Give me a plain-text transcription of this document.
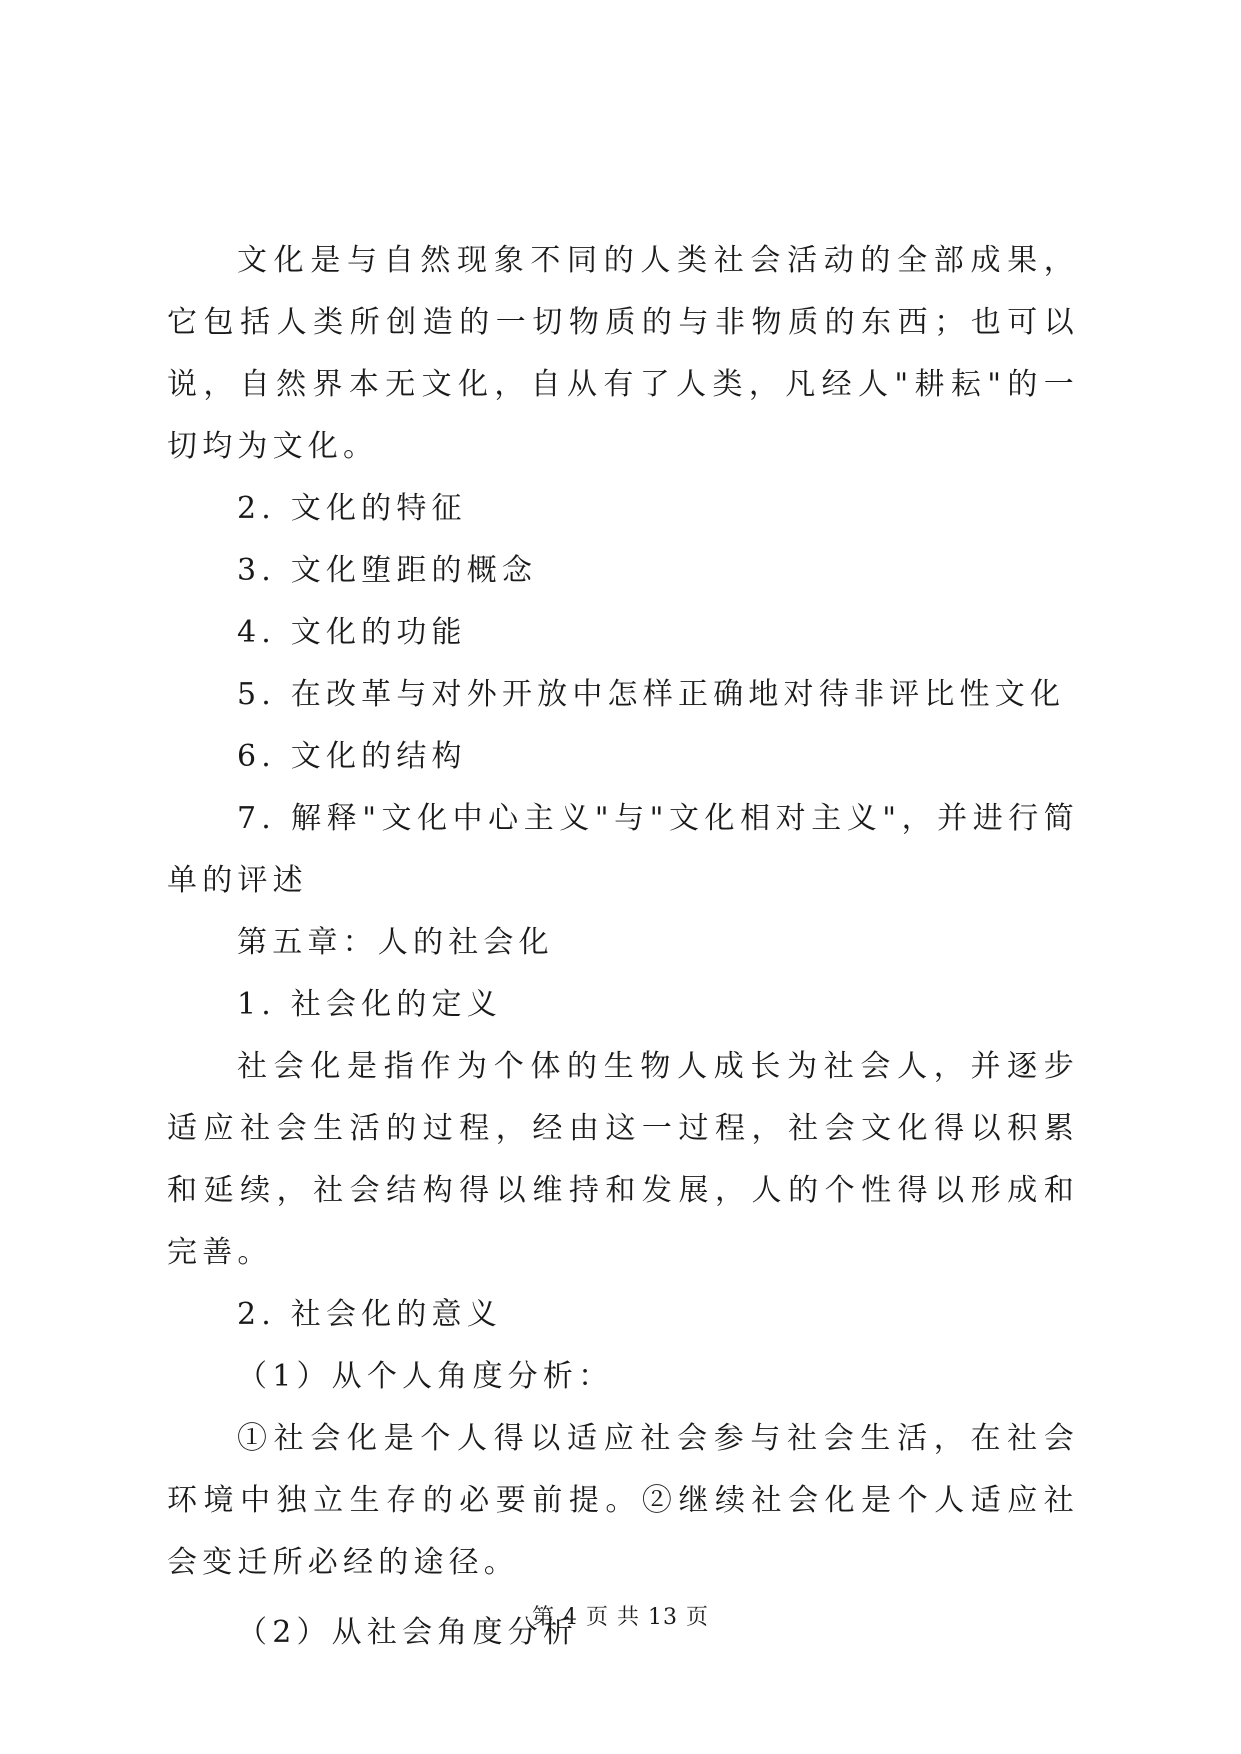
文化是与自然现象不同的人类社会活动的全部成果，它包括人类所创造的一切物质的与非物质的东西；也可以说，自然界本无文化，自从有了人类，凡经人"耕耘"的一切均为文化。

2. 文化的特征

3. 文化堕距的概念

4. 文化的功能

5. 在改革与对外开放中怎样正确地对待非评比性文化

6. 文化的结构

7. 解释"文化中心主义"与"文化相对主义"，并进行简单的评述

第五章：人的社会化

1. 社会化的定义

社会化是指作为个体的生物人成长为社会人，并逐步适应社会生活的过程，经由这一过程，社会文化得以积累和延续，社会结构得以维持和发展，人的个性得以形成和完善。

2. 社会化的意义

（1）从个人角度分析：

①社会化是个人得以适应社会参与社会生活，在社会环境中独立生存的必要前提。②继续社会化是个人适应社会变迁所必经的途径。

（2）从社会角度分析

第 4 页 共 13 页
